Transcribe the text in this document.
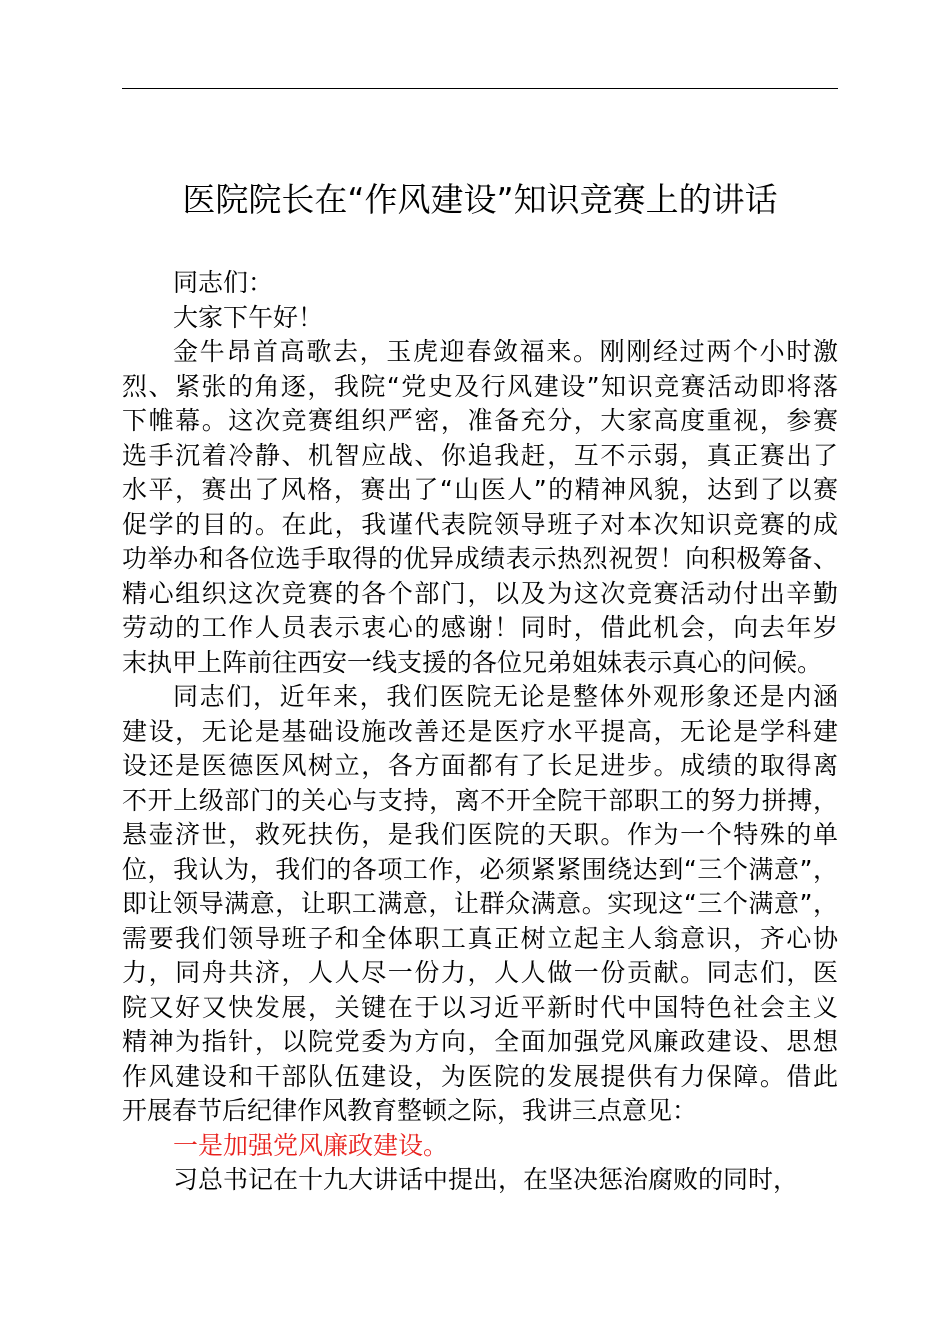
医院院长在“作风建设”知识竞赛上的讲话
同志们：
大家下午好！
金牛昂首高歌去，玉虎迎春敛福来。刚刚经过两个小时激
烈、紧张的角逐，我院“党史及行风建设”知识竞赛活动即将落
下帷幕。这次竞赛组织严密，准备充分，大家高度重视，参赛
选手沉着冷静、机智应战、你追我赶，互不示弱，真正赛出了
水平，赛出了风格，赛出了“山医人”的精神风貌，达到了以赛
促学的目的。在此，我谨代表院领导班子对本次知识竞赛的成
功举办和各位选手取得的优异成绩表示热烈祝贺！向积极筹备、
精心组织这次竞赛的各个部门，以及为这次竞赛活动付出辛勤
劳动的工作人员表示衷心的感谢！同时，借此机会，向去年岁
末执甲上阵前往西安一线支援的各位兄弟姐妹表示真心的问候。
同志们，近年来，我们医院无论是整体外观形象还是内涵
建设，无论是基础设施改善还是医疗水平提高，无论是学科建
设还是医德医风树立，各方面都有了长足进步。成绩的取得离
不开上级部门的关心与支持，离不开全院干部职工的努力拼搏，
悬壶济世，救死扶伤，是我们医院的天职。作为一个特殊的单
位，我认为，我们的各项工作，必须紧紧围绕达到“三个满意”，
即让领导满意，让职工满意，让群众满意。实现这“三个满意”，
需要我们领导班子和全体职工真正树立起主人翁意识，齐心协
力，同舟共济，人人尽一份力，人人做一份贡献。同志们，医
院又好又快发展，关键在于以习近平新时代中国特色社会主义
精神为指针，以院党委为方向，全面加强党风廉政建设、思想
作风建设和干部队伍建设，为医院的发展提供有力保障。借此
开展春节后纪律作风教育整顿之际，我讲三点意见：
一是加强党风廉政建设。
习总书记在十九大讲话中提出，在坚决惩治腐败的同时，
